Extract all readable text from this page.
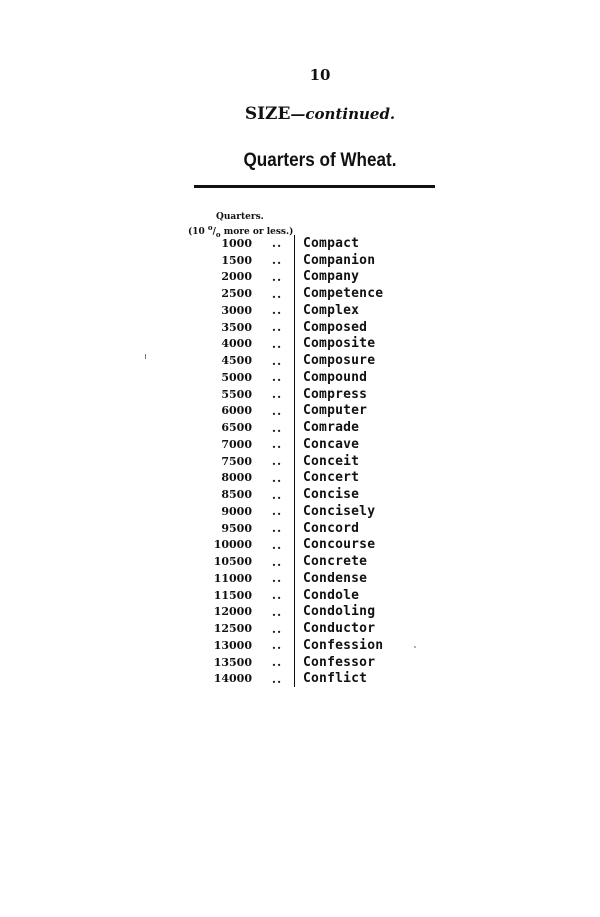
10
SIZE—continued.
Quarters of Wheat.
Quarters.
(10 $^o/_o$ more or less.)
1000	..	Compact
1500	..	Companion
2000	..	Company
2500	..	Competence
3000	..	Complex
3500	..	Composed
4000	..	Composite
4500	..	Composure
5000	..	Compound
5500	..	Compress
6000	..	Computer
6500	..	Comrade
7000	..	Concave
7500	..	Conceit
8000	..	Concert
8500	..	Concise
9000	..	Concisely
9500	..	Concord
10000	..	Concourse
10500	..	Concrete
11000	..	Condense
11500	..	Condole
12000	..	Condoling
12500	..	Conductor
13000	..	Confession
13500	..	Confessor
14000	..	Conflict
